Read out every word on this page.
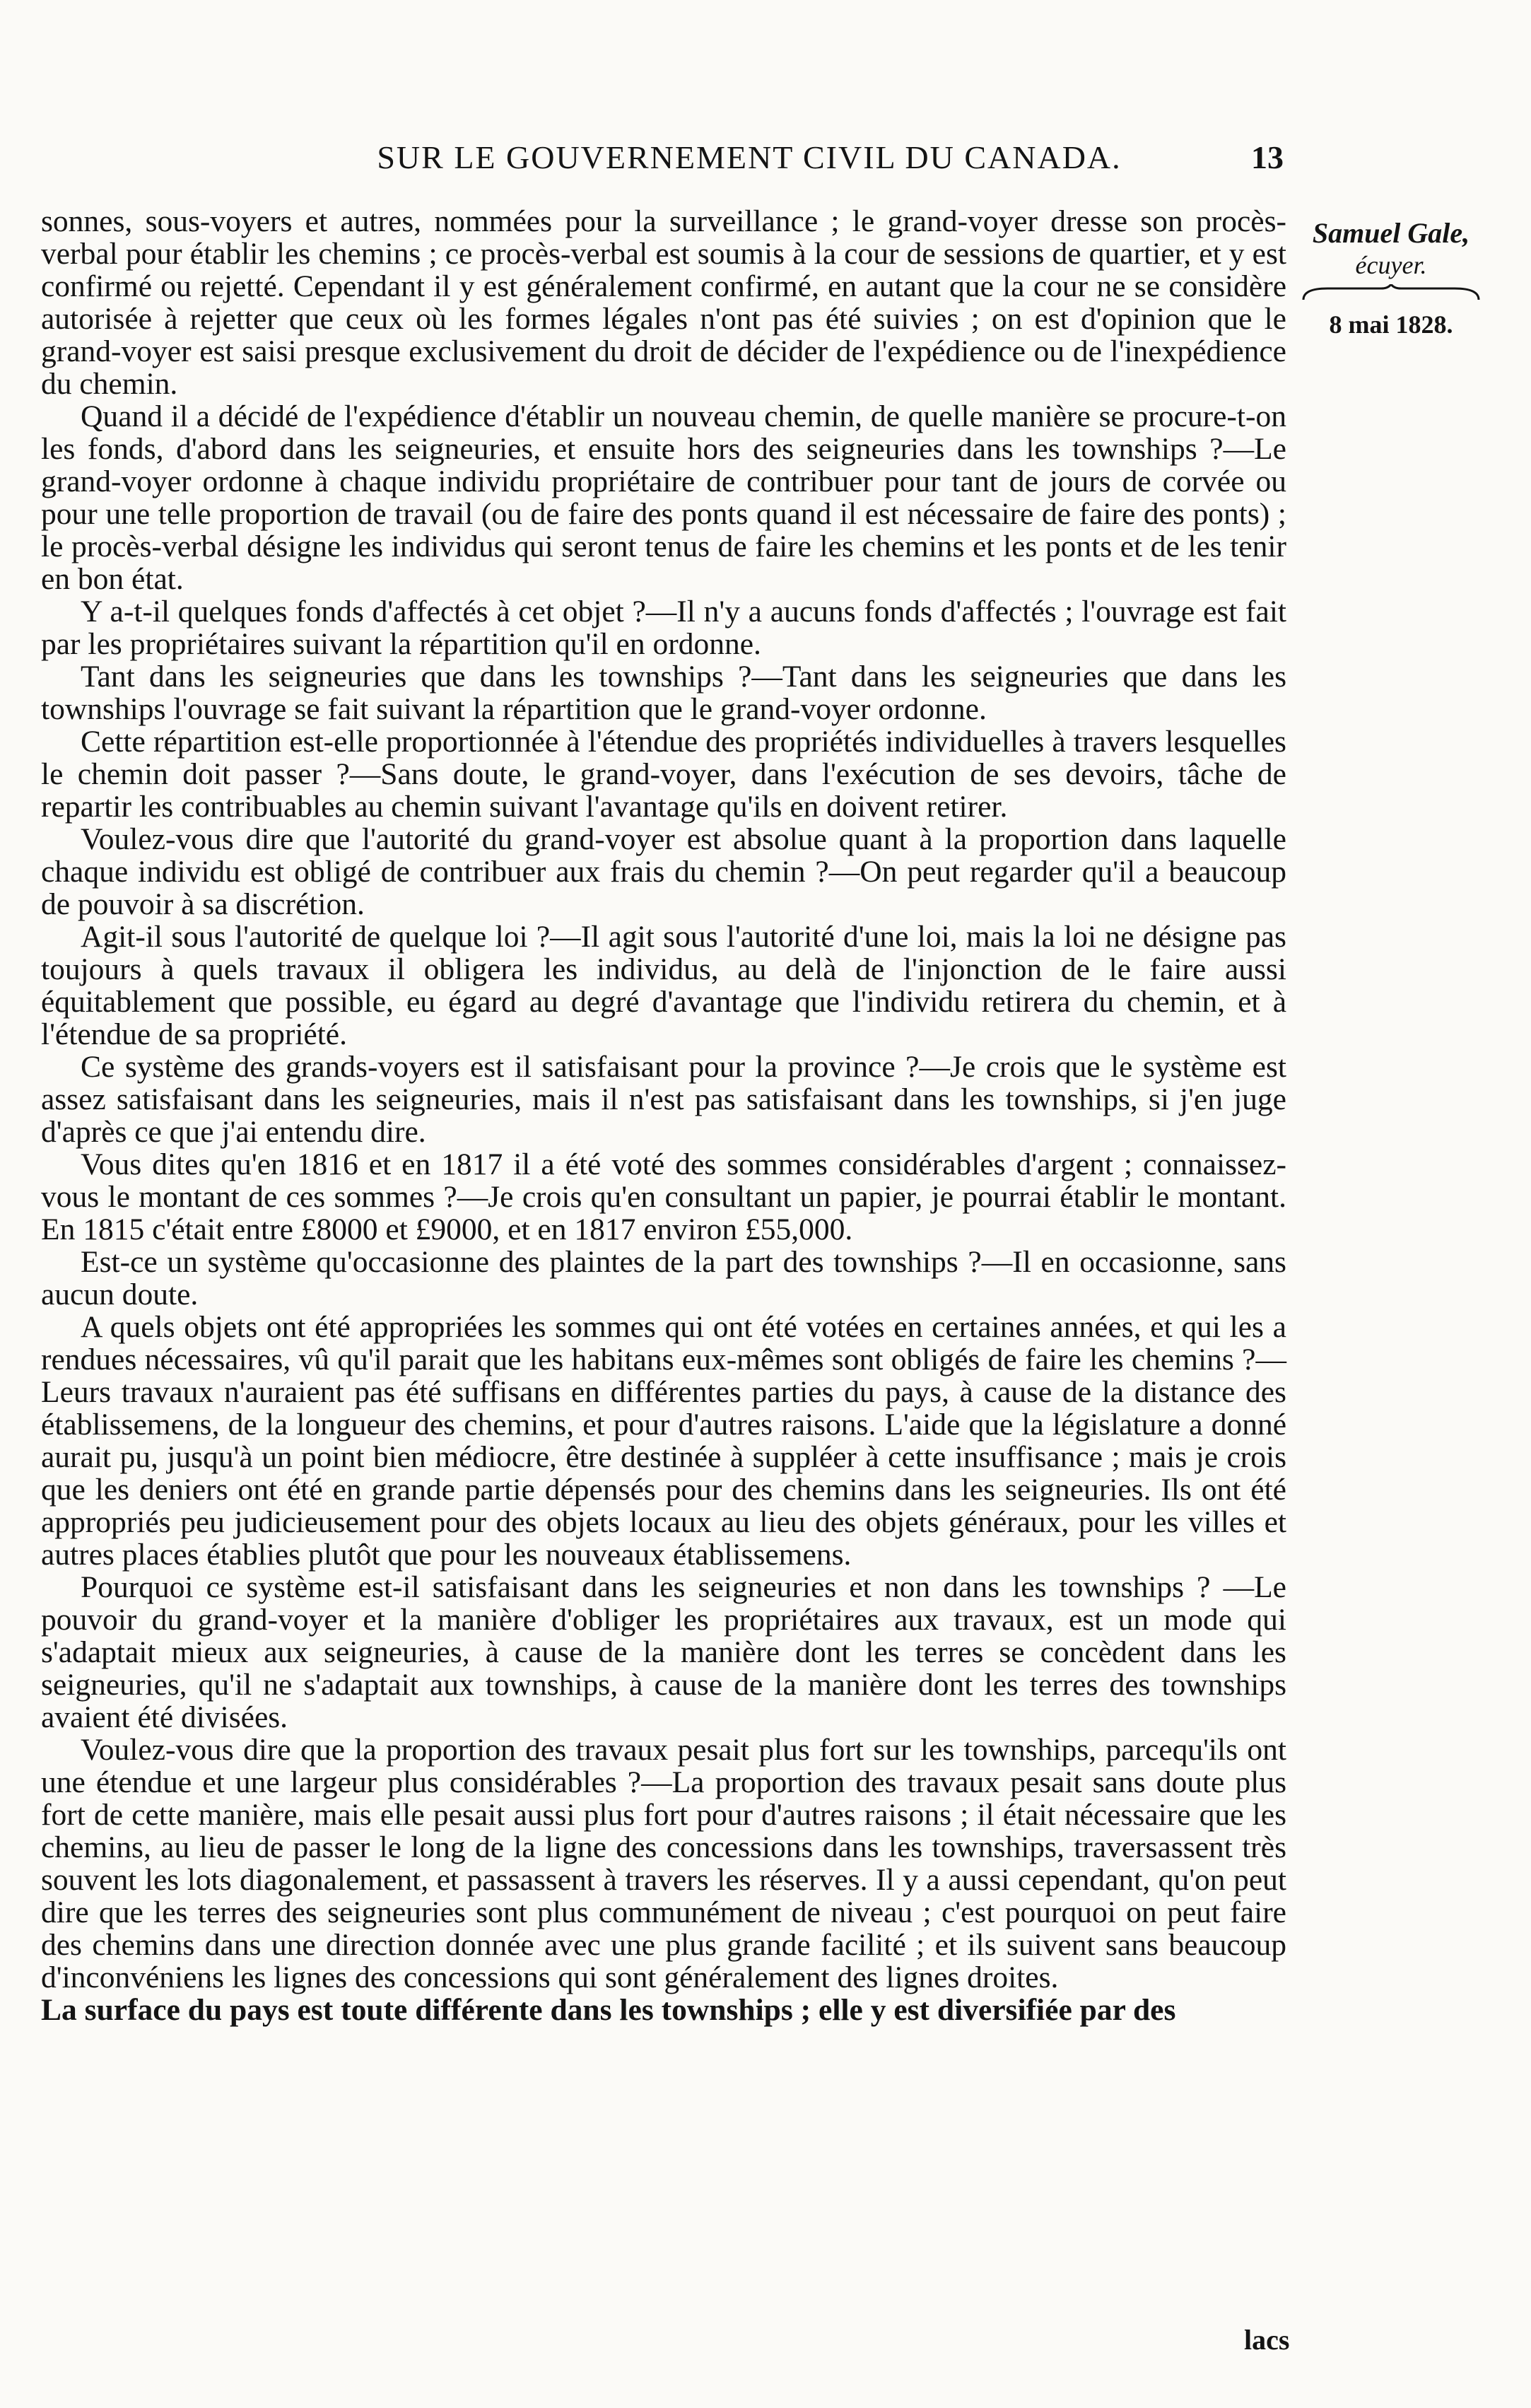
SUR LE GOUVERNEMENT CIVIL DU CANADA.	13
Samuel Gale,
écuyer.
8 mai 1828.

sonnes, sous-voyers et autres, nommées pour la surveillance ; le grand-voyer dresse son procès-verbal pour établir les chemins ; ce procès-verbal est soumis à la cour de sessions de quartier, et y est confirmé ou rejetté. Cependant il y est généralement confirmé, en autant que la cour ne se considère autorisée à rejetter que ceux où les formes légales n'ont pas été suivies ; on est d'opinion que le grand-voyer est saisi presque exclusivement du droit de décider de l'expédience ou de l'inexpédience du chemin.

Quand il a décidé de l'expédience d'établir un nouveau chemin, de quelle manière se procure-t-on les fonds, d'abord dans les seigneuries, et ensuite hors des seigneuries dans les townships ?—Le grand-voyer ordonne à chaque individu propriétaire de contribuer pour tant de jours de corvée ou pour une telle proportion de travail (ou de faire des ponts quand il est nécessaire de faire des ponts) ; le procès-verbal désigne les individus qui seront tenus de faire les chemins et les ponts et de les tenir en bon état.

Y a-t-il quelques fonds d'affectés à cet objet ?—Il n'y a aucuns fonds d'affectés ; l'ouvrage est fait par les propriétaires suivant la répartition qu'il en ordonne.

Tant dans les seigneuries que dans les townships ?—Tant dans les seigneuries que dans les townships l'ouvrage se fait suivant la répartition que le grand-voyer ordonne.

Cette répartition est-elle proportionnée à l'étendue des propriétés individuelles à travers lesquelles le chemin doit passer ?—Sans doute, le grand-voyer, dans l'exécution de ses devoirs, tâche de repartir les contribuables au chemin suivant l'avantage qu'ils en doivent retirer.

Voulez-vous dire que l'autorité du grand-voyer est absolue quant à la proportion dans laquelle chaque individu est obligé de contribuer aux frais du chemin ?—On peut regarder qu'il a beaucoup de pouvoir à sa discrétion.

Agit-il sous l'autorité de quelque loi ?—Il agit sous l'autorité d'une loi, mais la loi ne désigne pas toujours à quels travaux il obligera les individus, au delà de l'injonction de le faire aussi équitablement que possible, eu égard au degré d'avantage que l'individu retirera du chemin, et à l'étendue de sa propriété.

Ce système des grands-voyers est il satisfaisant pour la province ?—Je crois que le système est assez satisfaisant dans les seigneuries, mais il n'est pas satisfaisant dans les townships, si j'en juge d'après ce que j'ai entendu dire.

Vous dites qu'en 1816 et en 1817 il a été voté des sommes considérables d'argent ; connaissez-vous le montant de ces sommes ?—Je crois qu'en consultant un papier, je pourrai établir le montant. En 1815 c'était entre £8000 et £9000, et en 1817 environ £55,000.

Est-ce un système qu'occasionne des plaintes de la part des townships ?—Il en occasionne, sans aucun doute.

A quels objets ont été appropriées les sommes qui ont été votées en certaines années, et qui les a rendues nécessaires, vû qu'il parait que les habitans eux-mêmes sont obligés de faire les chemins ?—Leurs travaux n'auraient pas été suffisans en différentes parties du pays, à cause de la distance des établissemens, de la longueur des chemins, et pour d'autres raisons. L'aide que la législature a donné aurait pu, jusqu'à un point bien médiocre, être destinée à suppléer à cette insuffisance ; mais je crois que les deniers ont été en grande partie dépensés pour des chemins dans les seigneuries. Ils ont été appropriés peu judicieusement pour des objets locaux au lieu des objets généraux, pour les villes et autres places établies plutôt que pour les nouveaux établissemens.

Pourquoi ce système est-il satisfaisant dans les seigneuries et non dans les townships ? —Le pouvoir du grand-voyer et la manière d'obliger les propriétaires aux travaux, est un mode qui s'adaptait mieux aux seigneuries, à cause de la manière dont les terres se concèdent dans les seigneuries, qu'il ne s'adaptait aux townships, à cause de la manière dont les terres des townships avaient été divisées.

Voulez-vous dire que la proportion des travaux pesait plus fort sur les townships, parcequ'ils ont une étendue et une largeur plus considérables ?—La proportion des travaux pesait sans doute plus fort de cette manière, mais elle pesait aussi plus fort pour d'autres raisons ; il était nécessaire que les chemins, au lieu de passer le long de la ligne des concessions dans les townships, traversassent très souvent les lots diagonalement, et passassent à travers les réserves. Il y a aussi cependant, qu'on peut dire que les terres des seigneuries sont plus communément de niveau ; c'est pourquoi on peut faire des chemins dans une direction donnée avec une plus grande facilité ; et ils suivent sans beaucoup d'inconvéniens les lignes des concessions qui sont généralement des lignes droites.

La surface du pays est toute différente dans les townships ; elle y est diversifiée par des

lacs
